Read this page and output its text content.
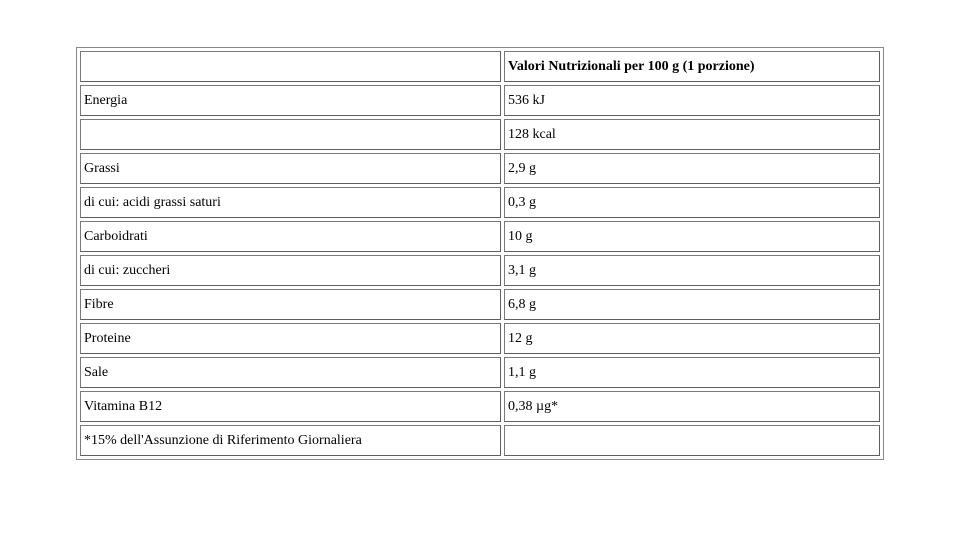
	Valori Nutrizionali per 100 g (1 porzione)
Energia	536 kJ
	128 kcal
Grassi	2,9 g
di cui: acidi grassi saturi	0,3 g
Carboidrati	10 g
di cui: zuccheri	3,1 g
Fibre	6,8 g
Proteine	12 g
Sale	1,1 g
Vitamina B12	0,38 µg*
*15% dell'Assunzione di Riferimento Giornaliera	
